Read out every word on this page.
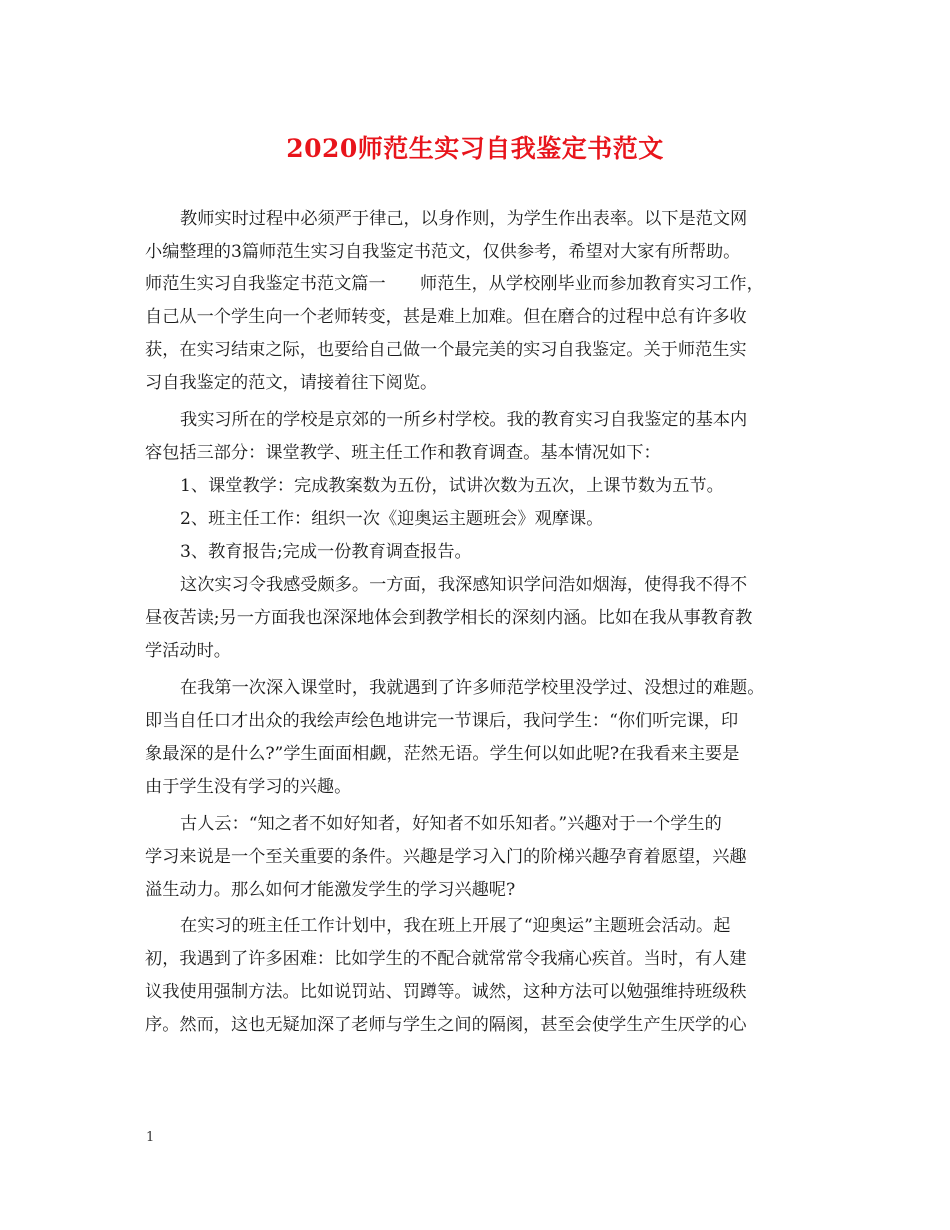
2020师范生实习自我鉴定书范文
教师实时过程中必须严于律己，以身作则，为学生作出表率。以下是范文网
小编整理的3篇师范生实习自我鉴定书范文，仅供参考，希望对大家有所帮助。
师范生实习自我鉴定书范文篇一　　师范生，从学校刚毕业而参加教育实习工作，
自己从一个学生向一个老师转变，甚是难上加难。但在磨合的过程中总有许多收
获，在实习结束之际，也要给自己做一个最完美的实习自我鉴定。关于师范生实
习自我鉴定的范文，请接着往下阅览。
我实习所在的学校是京郊的一所乡村学校。我的教育实习自我鉴定的基本内
容包括三部分：课堂教学、班主任工作和教育调查。基本情况如下：
1、课堂教学：完成教案数为五份，试讲次数为五次，上课节数为五节。
2、班主任工作：组织一次《迎奥运主题班会》观摩课。
3、教育报告;完成一份教育调查报告。
这次实习令我感受颇多。一方面，我深感知识学问浩如烟海，使得我不得不
昼夜苦读;另一方面我也深深地体会到教学相长的深刻内涵。比如在我从事教育教
学活动时。
在我第一次深入课堂时，我就遇到了许多师范学校里没学过、没想过的难题。
即当自任口才出众的我绘声绘色地讲完一节课后，我问学生：“你们听完课，印
象最深的是什么?”学生面面相觑，茫然无语。学生何以如此呢?在我看来主要是
由于学生没有学习的兴趣。
古人云：“知之者不如好知者，好知者不如乐知者。”兴趣对于一个学生的
学习来说是一个至关重要的条件。兴趣是学习入门的阶梯兴趣孕育着愿望，兴趣
溢生动力。那么如何才能激发学生的学习兴趣呢?
在实习的班主任工作计划中，我在班上开展了“迎奥运”主题班会活动。起
初，我遇到了许多困难：比如学生的不配合就常常令我痛心疾首。当时，有人建
议我使用强制方法。比如说罚站、罚蹲等。诚然，这种方法可以勉强维持班级秩
序。然而，这也无疑加深了老师与学生之间的隔阂，甚至会使学生产生厌学的心
1
